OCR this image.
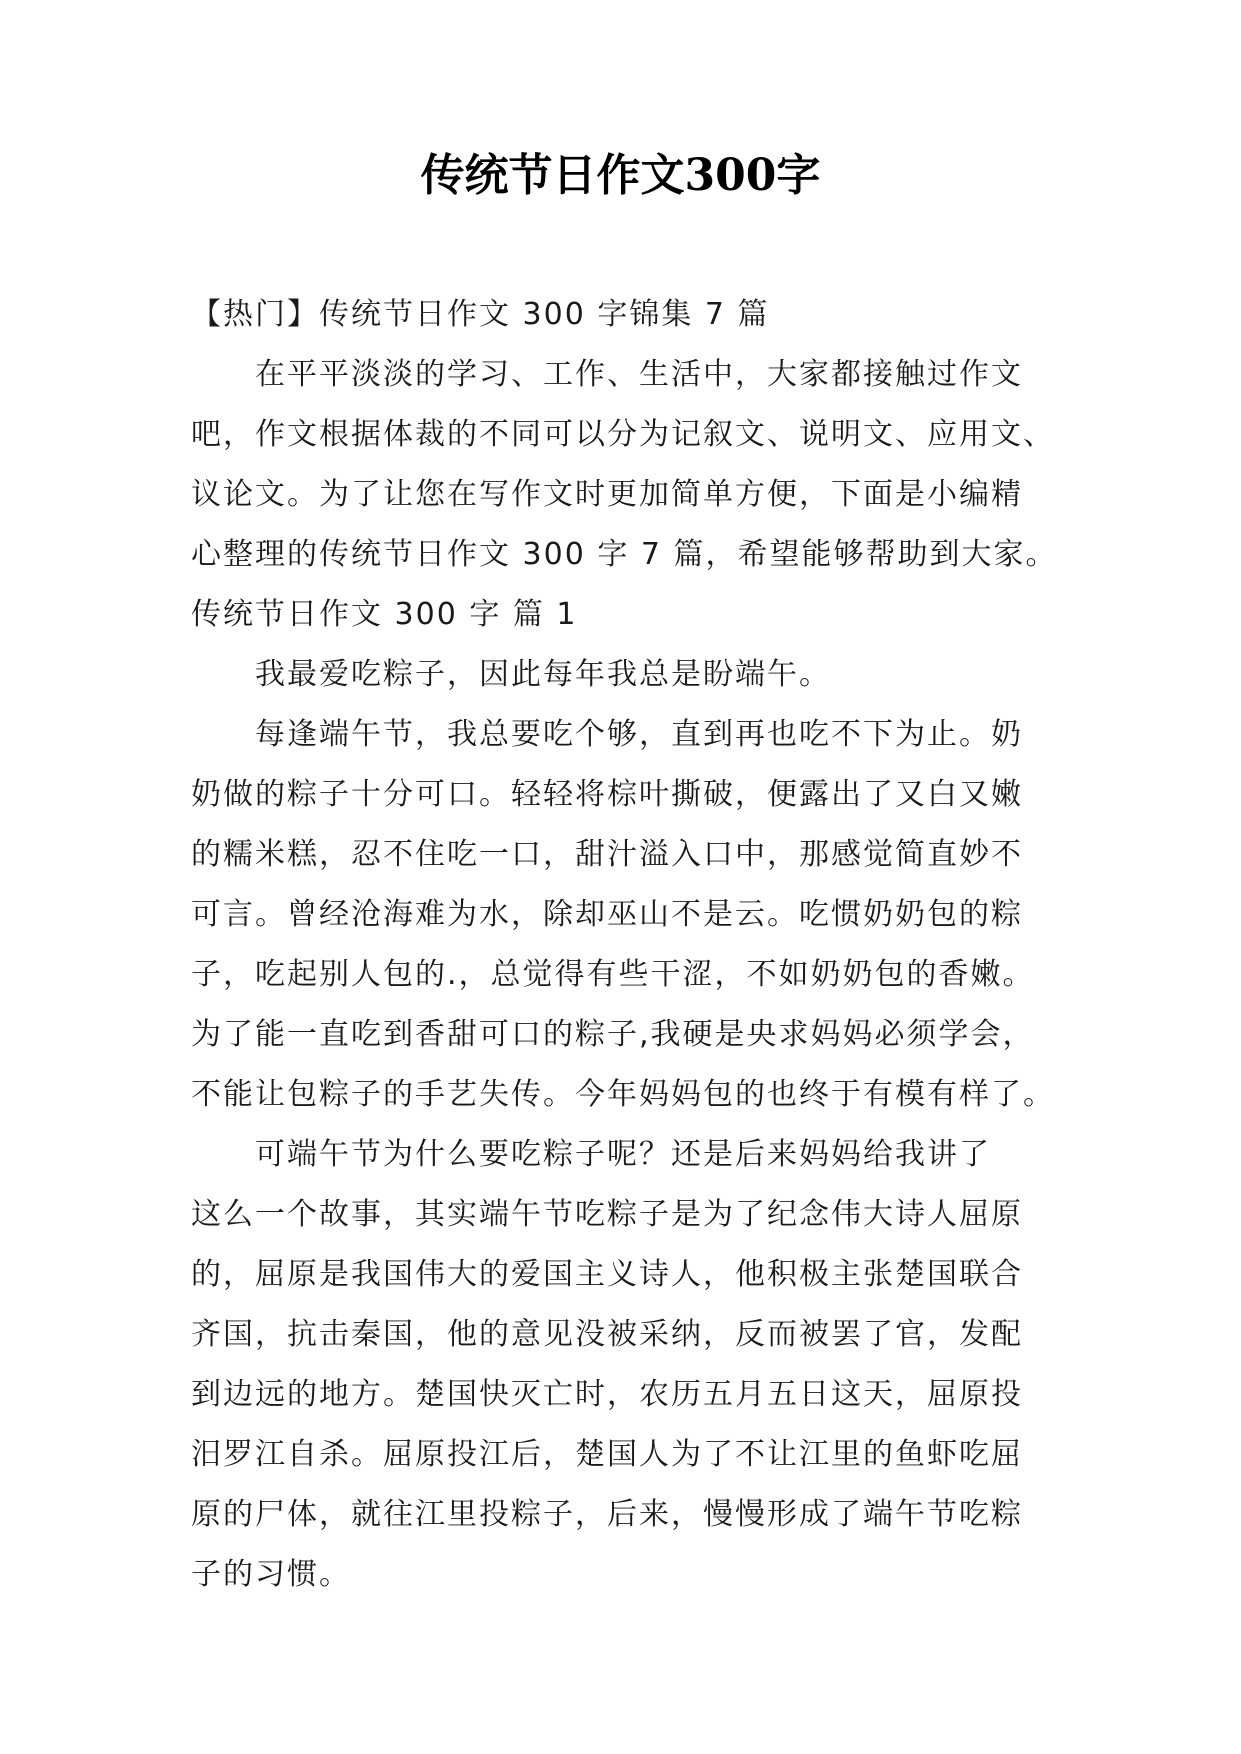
传统节日作文300字

【热门】传统节日作文 300 字锦集 7 篇

在平平淡淡的学习、工作、生活中，大家都接触过作文

吧，作文根据体裁的不同可以分为记叙文、说明文、应用文、

议论文。为了让您在写作文时更加简单方便，下面是小编精

心整理的传统节日作文 300 字 7 篇，希望能够帮助到大家。

传统节日作文 300 字 篇 1

我最爱吃粽子，因此每年我总是盼端午。

每逢端午节，我总要吃个够，直到再也吃不下为止。奶

奶做的粽子十分可口。轻轻将棕叶撕破，便露出了又白又嫩

的糯米糕，忍不住吃一口，甜汁溢入口中，那感觉简直妙不

可言。曾经沧海难为水，除却巫山不是云。吃惯奶奶包的粽

子，吃起别人包的.，总觉得有些干涩，不如奶奶包的香嫩。

为了能一直吃到香甜可口的粽子,我硬是央求妈妈必须学会，

不能让包粽子的手艺失传。今年妈妈包的也终于有模有样了。

可端午节为什么要吃粽子呢？还是后来妈妈给我讲了

这么一个故事，其实端午节吃粽子是为了纪念伟大诗人屈原

的，屈原是我国伟大的爱国主义诗人，他积极主张楚国联合

齐国，抗击秦国，他的意见没被采纳，反而被罢了官，发配

到边远的地方。楚国快灭亡时，农历五月五日这天，屈原投

汨罗江自杀。屈原投江后，楚国人为了不让江里的鱼虾吃屈

原的尸体，就往江里投粽子，后来，慢慢形成了端午节吃粽

子的习惯。
